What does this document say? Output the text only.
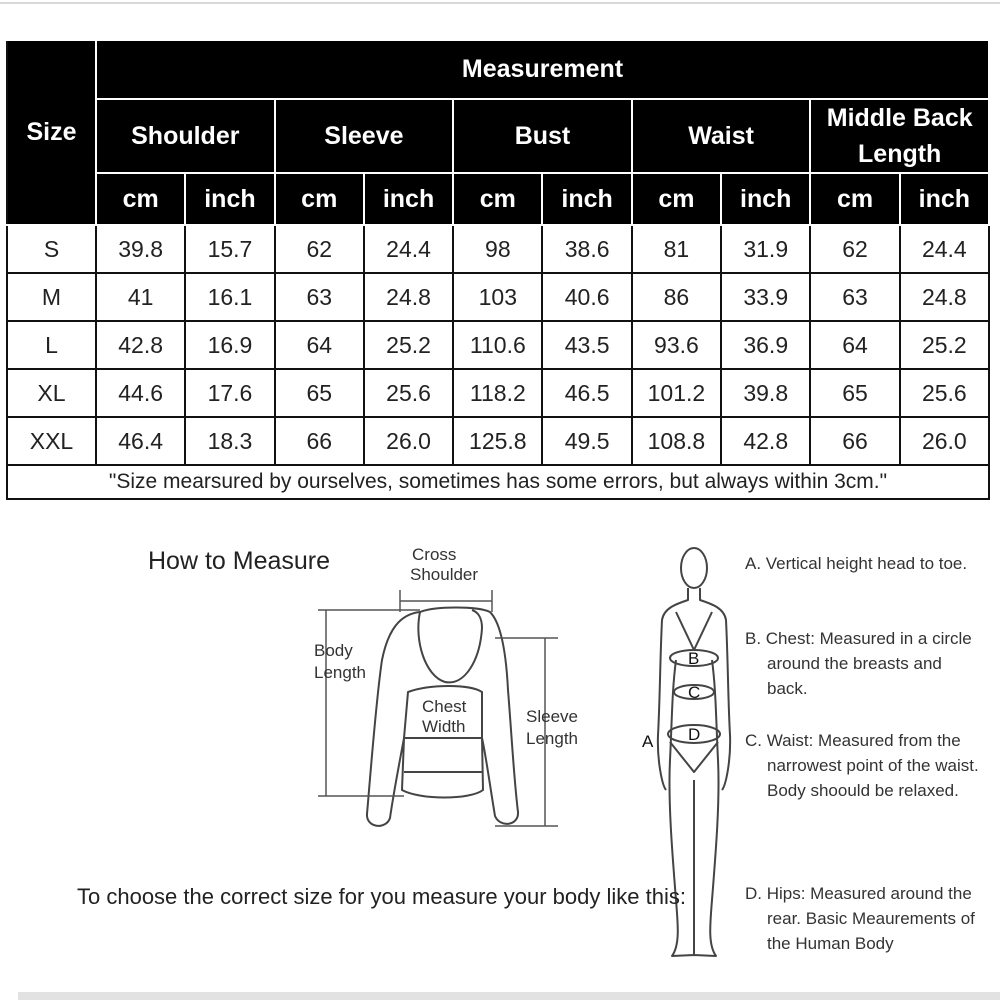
Size	Measurement									
	Shoulder		Sleeve		Bust		Waist		Middle Back
Length	
	cm	inch	cm	inch	cm	inch	cm	inch	cm	inch
S	39.8	15.7	62	24.4	98	38.6	81	31.9	62	24.4
M	41	16.1	63	24.8	103	40.6	86	33.9	63	24.8
L	42.8	16.9	64	25.2	110.6	43.5	93.6	36.9	64	25.2
XL	44.6	17.6	65	25.6	118.2	46.5	101.2	39.8	65	25.6
XXL	46.4	18.3	66	26.0	125.8	49.5	108.8	42.8	66	26.0
"Size mearsured by ourselves, sometimes has some errors, but always within 3cm."										
How to Measure	Cross
Shoulder
Body
Length
Chest
Width
Sleeve
Length	A
B
C
D
To choose the correct size for you measure your body like this:
A. Vertical height head to toe.
B. Chest: Measured in a circle around the breasts and back.
C. Waist: Measured from the narrowest point of the waist. Body shoould be relaxed.
D. Hips: Measured around the rear. Basic Meaurements of the Human Body
